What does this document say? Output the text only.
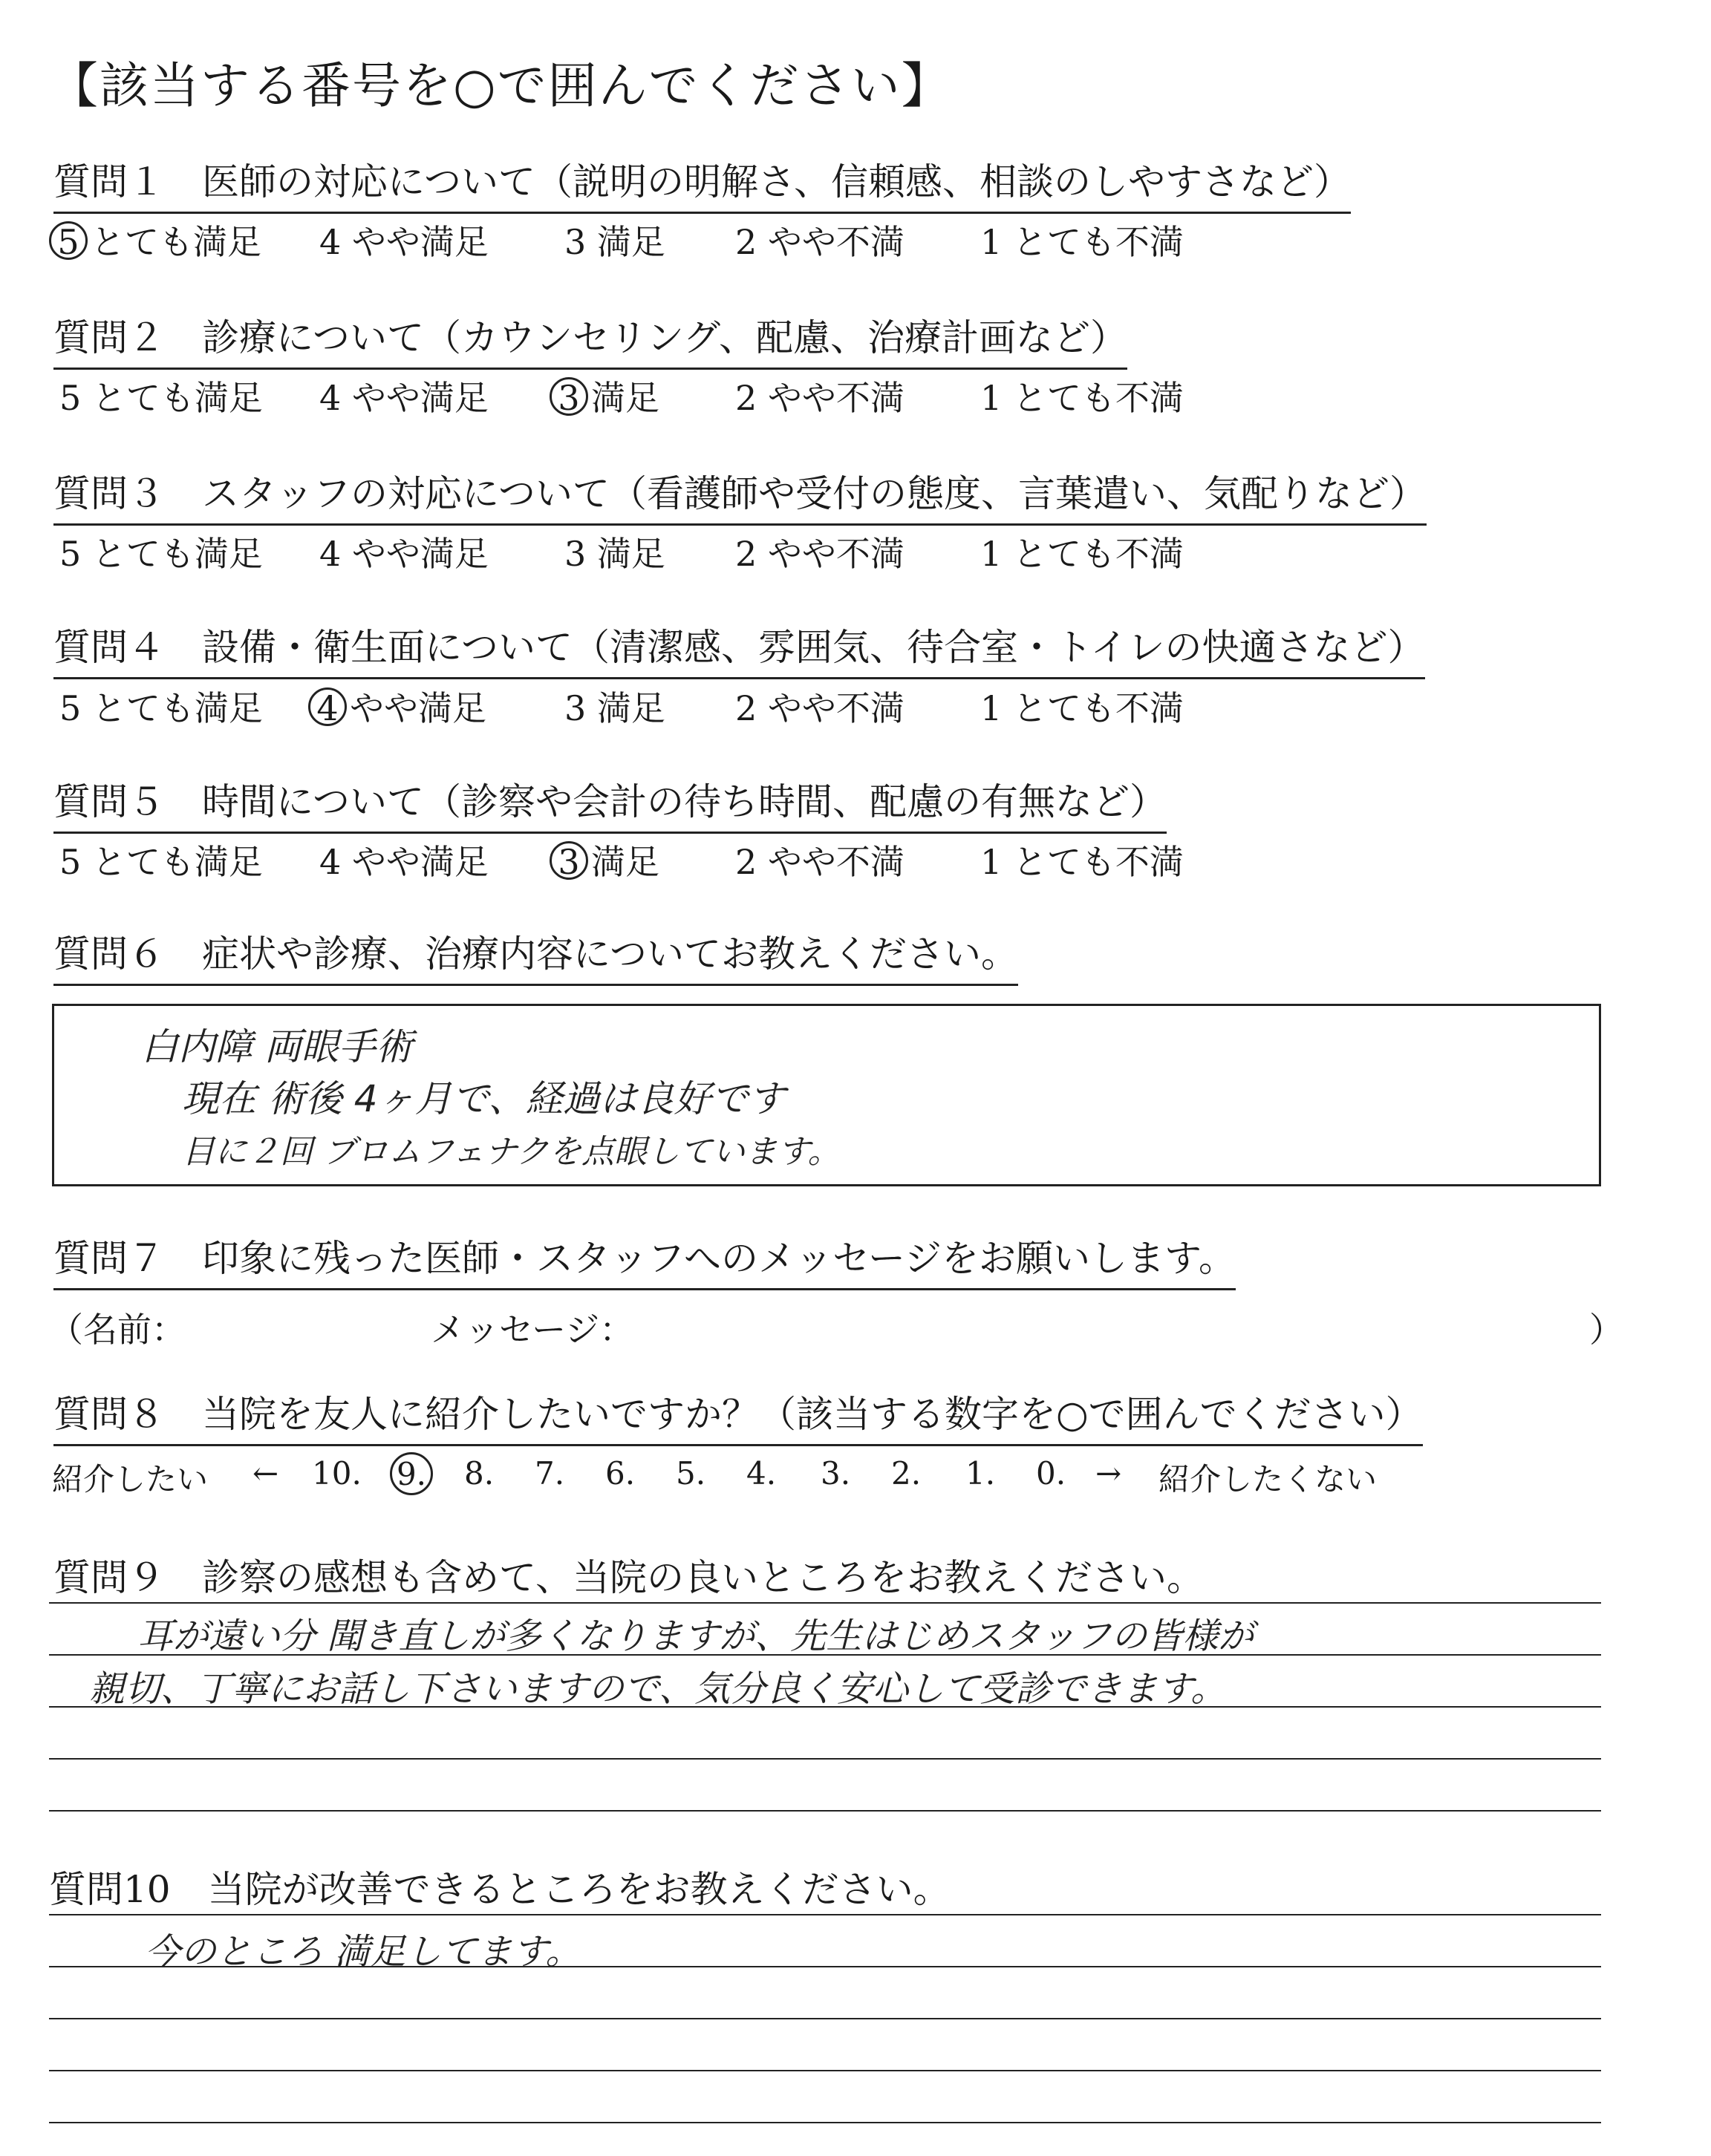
【該当する番号を○で囲んでください】
質問１　医師の対応について（説明の明解さ、信頼感、相談のしやすさなど）
5 とても満足 4 やや満足 3 満足 2 やや不満 1 とても不満
質問２　診療について（カウンセリング、配慮、治療計画など）
5 とても満足 4 やや満足 3 満足 2 やや不満 1 とても不満
質問３　スタッフの対応について（看護師や受付の態度、言葉遣い、気配りなど）
5 とても満足 4 やや満足 3 満足 2 やや不満 1 とても不満
質問４　設備・衛生面について（清潔感、雰囲気、待合室・トイレの快適さなど）
5 とても満足 4 やや満足 3 満足 2 やや不満 1 とても不満
質問５　時間について（診察や会計の待ち時間、配慮の有無など）
5 とても満足 4 やや満足 3 満足 2 やや不満 1 とても不満
質問６　症状や診療、治療内容についてお教えください。
白内障 両眼手術
現在 術後 4ヶ月で、経過は良好です
目に２回 ブロムフェナクを点眼しています。
質問７　印象に残った医師・スタッフへのメッセージをお願いします。
（名前：	メッセージ：	）
質問８　当院を友人に紹介したいですか？（該当する数字を○で囲んでください）
紹介したい ← 10. 9.	8. 7. 6. 5. 4. 3. 2. 1. 0. → 紹介したくない
質問９　診察の感想も含めて、当院の良いところをお教えください。
耳が遠い分 聞き直しが多くなりますが、先生はじめスタッフの皆様が
親切、丁寧にお話し下さいますので、気分良く安心して受診できます。
質問10　当院が改善できるところをお教えください。
今のところ 満足してます。
